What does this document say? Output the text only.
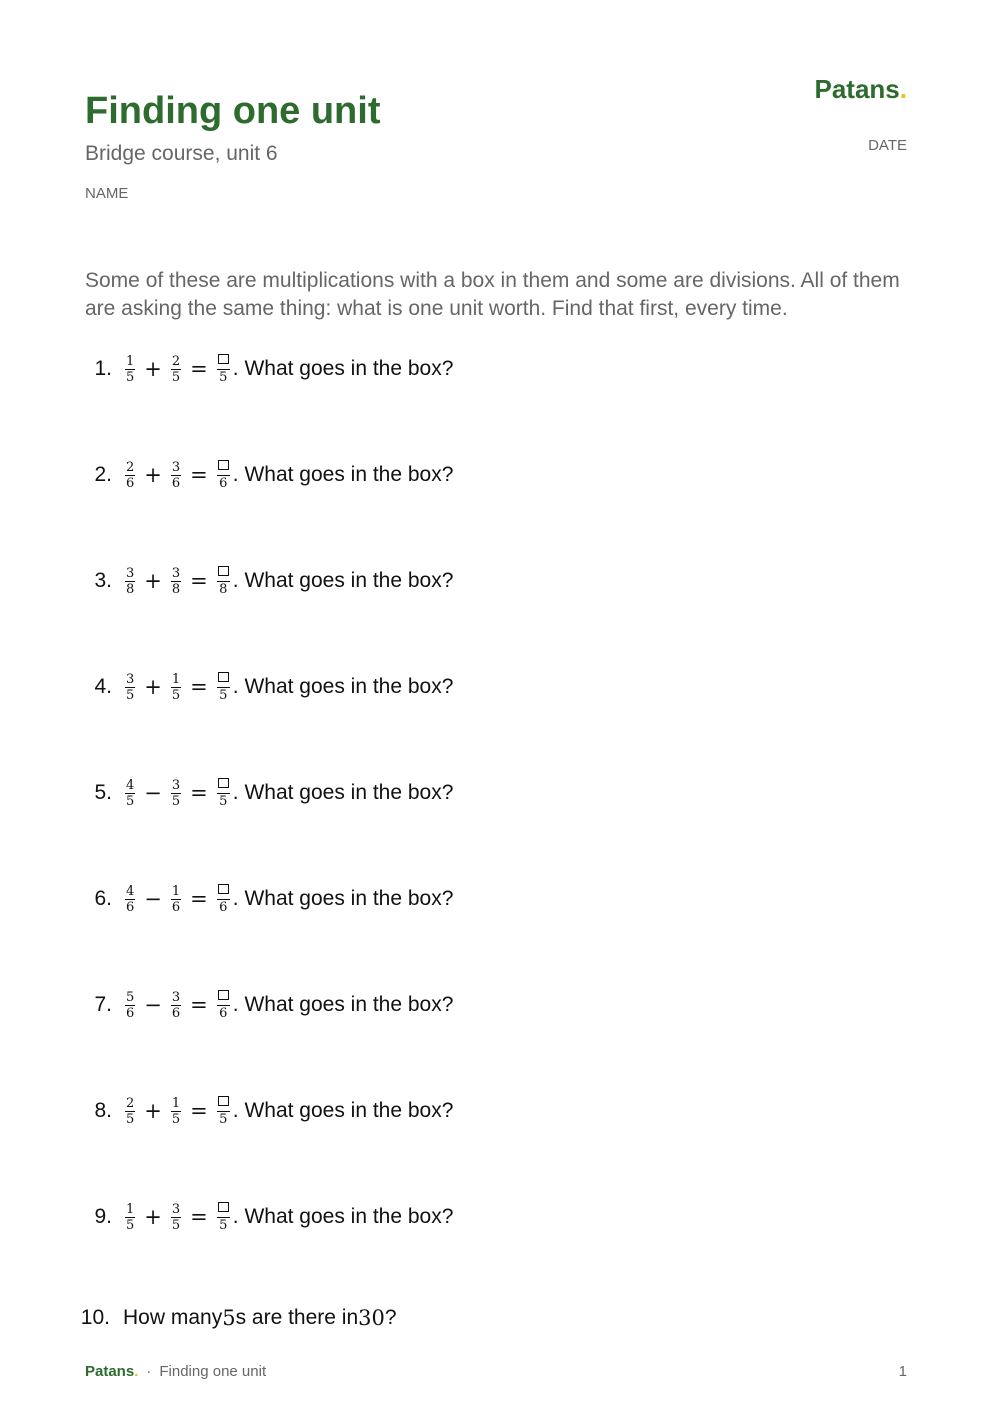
Patans.
Finding one unit
Bridge course, unit 6	DATE
NAME

Some of these are multiplications with a box in them and some are divisions. All of them are asking the same thing: what is one unit worth. Find that first, every time.

1. $\frac{1}{5} + \frac{2}{5} = 5$ . What goes in the box?
2. $\frac{2}{6} + \frac{3}{6} = 6$ . What goes in the box?
3. $\frac{3}{8} + \frac{3}{8} = 8$ . What goes in the box?
4. $\frac{3}{5} + \frac{1}{5} = 5$ . What goes in the box?
5. $\frac{4}{5} - \frac{3}{5} = 5$ . What goes in the box?
6. $\frac{4}{6} - \frac{1}{6} = 6$ . What goes in the box?
7. $\frac{5}{6} - \frac{3}{6} = 6$ . What goes in the box?
8. $\frac{2}{5} + \frac{1}{5} = 5$ . What goes in the box?
9. $\frac{1}{5} + \frac{3}{5} = 5$ . What goes in the box?
10. How many 5 s are there in 30 ?
Patans. · Finding one unit	1
